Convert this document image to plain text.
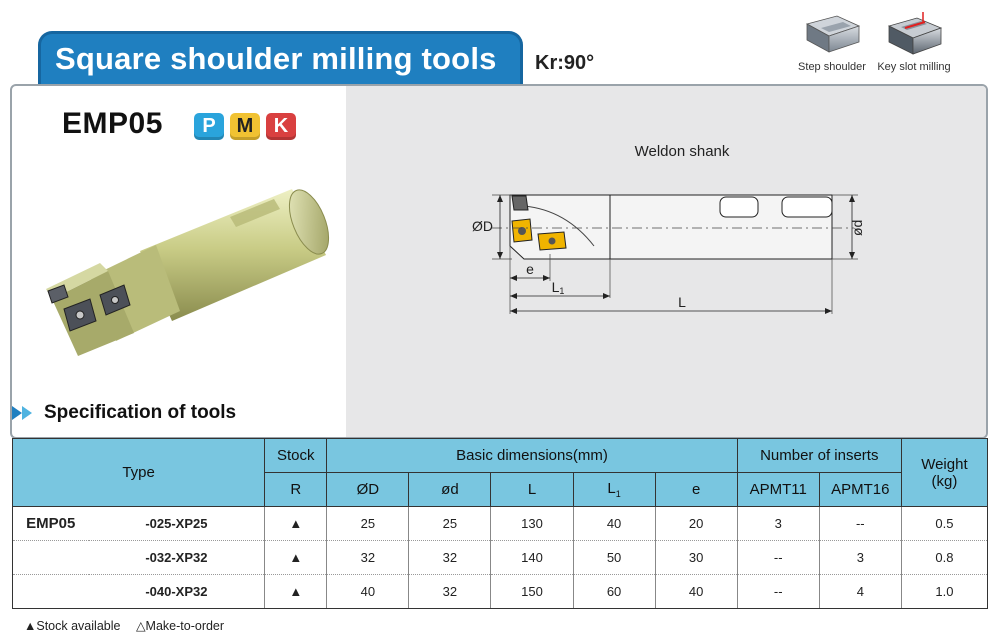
Square shoulder milling tools Kr:90°	Step shoulder Key slot milling
EMP05	P	M	K
Weldon shank
ØD	ød
e
L1
L
Specification of tools
Type		Stock	Basic dimensions(mm)					Number of inserts		Weight
(kg)
		R	ØD	ød	L	$L_1$	e	APMT11	APMT16	
EMP05	-025-XP25	▲	25	25	130	40	20	3	--	0.5
	-032-XP32	▲	32	32	140	50	30	--	3	0.8
	-040-XP32	▲	40	32	150	60	40	--	4	1.0
▲Stock available △Make-to-order
